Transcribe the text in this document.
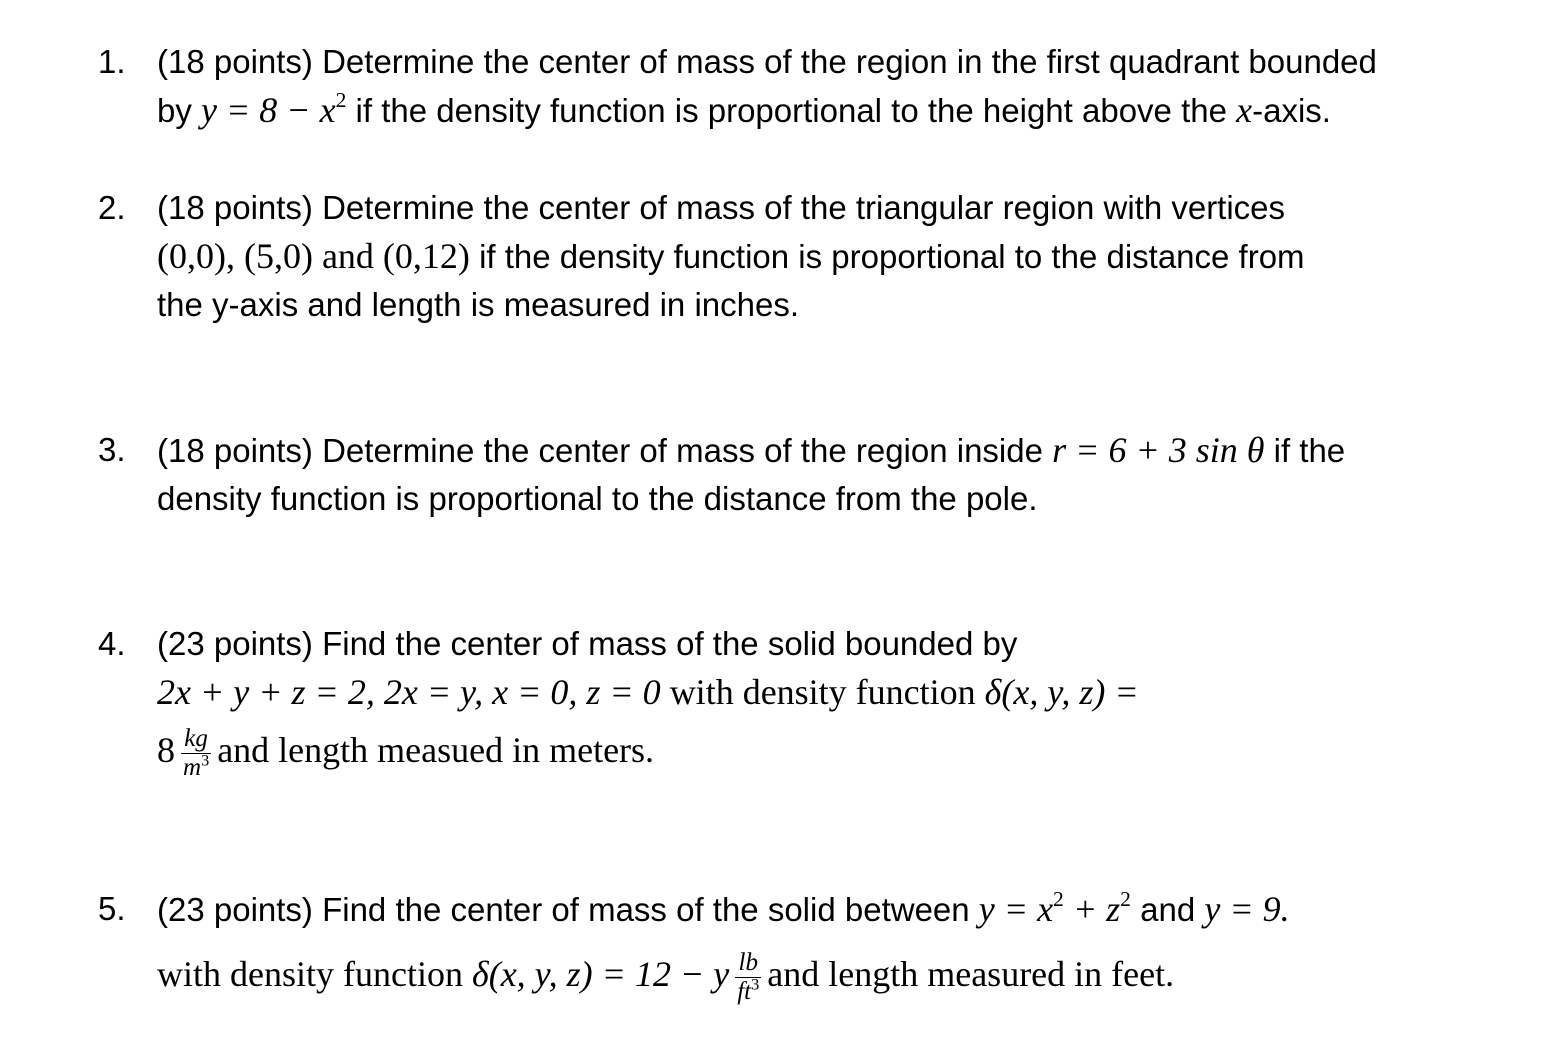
1. (18 points) Determine the center of mass of the region in the first quadrant bounded
by $y = 8 - x^2$ if the density function is proportional to the height above the x-axis.
2. (18 points) Determine the center of mass of the triangular region with vertices
(0,0), (5,0) and (0,12) if the density function is proportional to the distance from
the y-axis and length is measured in inches.
3. (18 points) Determine the center of mass of the region inside r = 6 + 3 sin θ if the
density function is proportional to the distance from the pole.
4. (23 points) Find the center of mass of the solid bounded by
2x + y + z = 2, 2x = y, x = 0, z = 0 with density function δ(x, y, z) =
$8 \frac{kg}{m^3}$ and length measued in meters.
5. (23 points) Find the center of mass of the solid between $y = x^2 + z^2$ and y = 9.
with density function δ(x, y, z) = 12 − y $\frac{lb}{ft^3}$ and length measured in feet.
